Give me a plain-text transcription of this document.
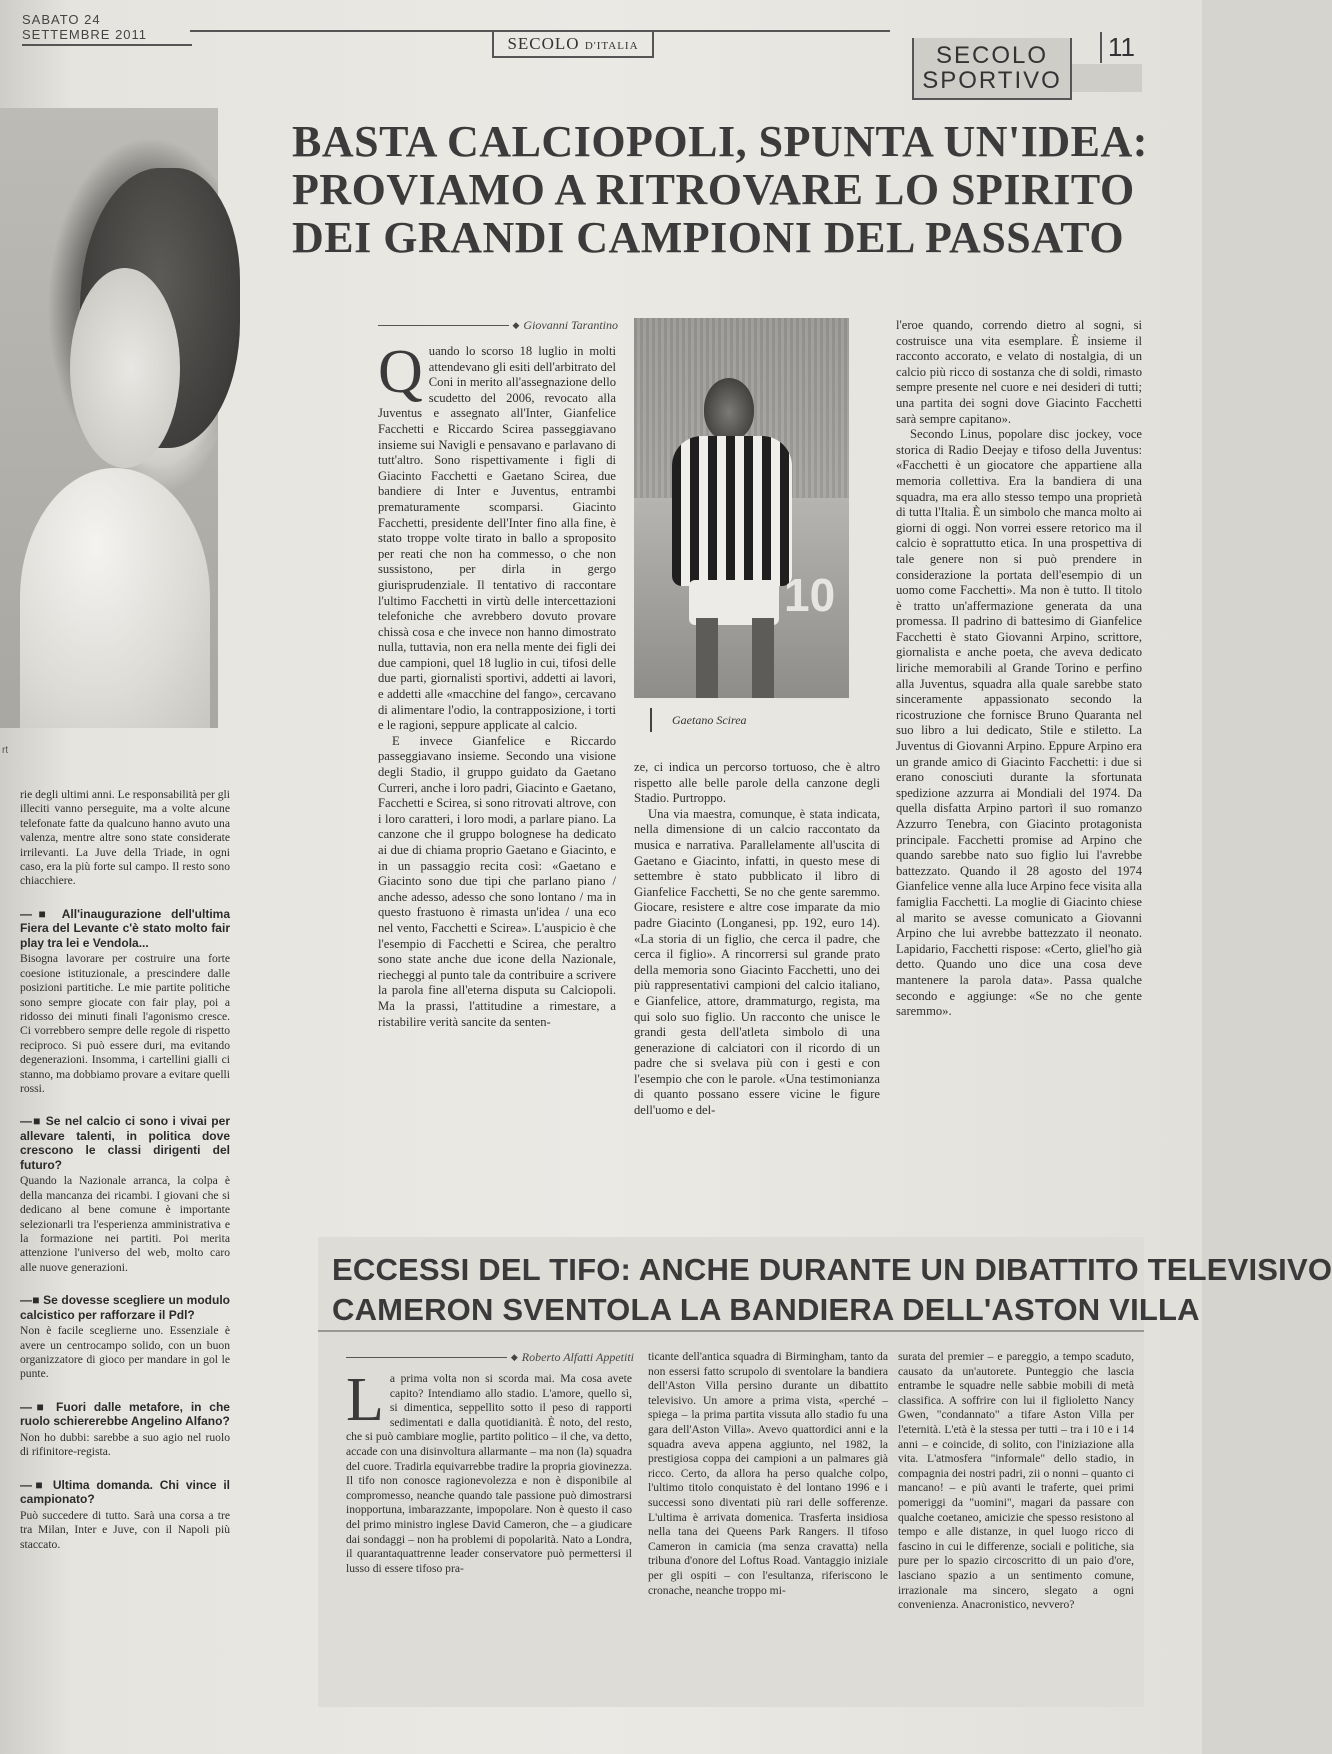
SABATO 24 SETTEMBRE 2011	SECOLO D'ITALIA	SECOLO
SPORTIVO
11
rt
BASTA CALCIOPOLI, SPUNTA UN'IDEA:
PROVIAMO A RITROVARE LO SPIRITO
DEI GRANDI CAMPIONI DEL PASSATO
◆ Giovanni Tarantino

Quando lo scorso 18 luglio in molti attendevano gli esiti dell'arbitrato del Coni in merito all'assegnazione dello scudetto del 2006, revocato alla Juventus e assegnato all'Inter, Gianfelice Facchetti e Riccardo Scirea passeggiavano insieme sui Navigli e pensavano e parlavano di tutt'altro. Sono rispettivamente i figli di Giacinto Facchetti e Gaetano Scirea, due bandiere di Inter e Juventus, entrambi prematuramente scomparsi. Giacinto Facchetti, presidente dell'Inter fino alla fine, è stato troppe volte tirato in ballo a sproposito per reati che non ha commesso, o che non sussistono, per dirla in gergo giurisprudenziale. Il tentativo di raccontare l'ultimo Facchetti in virtù delle intercettazioni telefoniche che avrebbero dovuto provare chissà cosa e che invece non hanno dimostrato nulla, tuttavia, non era nella mente dei figli dei due campioni, quel 18 luglio in cui, tifosi delle due parti, giornalisti sportivi, addetti ai lavori, e addetti alle «macchine del fango», cercavano di alimentare l'odio, la contrapposizione, i torti e le ragioni, seppure applicate al calcio.

E invece Gianfelice e Riccardo passeggiavano insieme. Secondo una visione degli Stadio, il gruppo guidato da Gaetano Curreri, anche i loro padri, Giacinto e Gaetano, Facchetti e Scirea, si sono ritrovati altrove, con i loro caratteri, i loro modi, a parlare piano. La canzone che il gruppo bolognese ha dedicato ai due di chiama proprio Gaetano e Giacinto, e in un passaggio recita così: «Gaetano e Giacinto sono due tipi che parlano piano / anche adesso, adesso che sono lontano / ma in questo frastuono è rimasta un'idea / una eco nel vento, Facchetti e Scirea». L'auspicio è che l'esempio di Facchetti e Scirea, che peraltro sono state anche due icone della Nazionale, riecheggi al punto tale da contribuire a scrivere la parola fine all'eterna disputa su Calciopoli. Ma la prassi, l'attitudine a rimestare, a ristabilire verità sancite da senten-

10
Gaetano Scirea

ze, ci indica un percorso tortuoso, che è altro rispetto alle belle parole della canzone degli Stadio. Purtroppo.

Una via maestra, comunque, è stata indicata, nella dimensione di un calcio raccontato da musica e narrativa. Parallelamente all'uscita di Gaetano e Giacinto, infatti, in questo mese di settembre è stato pubblicato il libro di Gianfelice Facchetti, Se no che gente saremmo. Giocare, resistere e altre cose imparate da mio padre Giacinto (Longanesi, pp. 192, euro 14). «La storia di un figlio, che cerca il padre, che cerca il figlio». A rincorrersi sul grande prato della memoria sono Giacinto Facchetti, uno dei più rappresentativi campioni del calcio italiano, e Gianfelice, attore, drammaturgo, regista, ma qui solo suo figlio. Un racconto che unisce le grandi gesta dell'atleta simbolo di una generazione di calciatori con il ricordo di un padre che si svelava più con i gesti e con l'esempio che con le parole. «Una testimonianza di quanto possano essere vicine le figure dell'uomo e del-

l'eroe quando, correndo dietro al sogni, si costruisce una vita esemplare. È insieme il racconto accorato, e velato di nostalgia, di un calcio più ricco di sostanza che di soldi, rimasto sempre presente nel cuore e nei desideri di tutti; una partita dei sogni dove Giacinto Facchetti sarà sempre capitano».

Secondo Linus, popolare disc jockey, voce storica di Radio Deejay e tifoso della Juventus: «Facchetti è un giocatore che appartiene alla memoria collettiva. Era la bandiera di una squadra, ma era allo stesso tempo una proprietà di tutta l'Italia. È un simbolo che manca molto ai giorni di oggi. Non vorrei essere retorico ma il calcio è soprattutto etica. In una prospettiva di tale genere non si può prendere in considerazione la portata dell'esempio di un uomo come Facchetti». Ma non è tutto. Il titolo è tratto un'affermazione generata da una promessa. Il padrino di battesimo di Gianfelice Facchetti è stato Giovanni Arpino, scrittore, giornalista e anche poeta, che aveva dedicato liriche memorabili al Grande Torino e perfino alla Juventus, squadra alla quale sarebbe stato sinceramente appassionato secondo la ricostruzione che fornisce Bruno Quaranta nel suo libro a lui dedicato, Stile e stiletto. La Juventus di Giovanni Arpino. Eppure Arpino era un grande amico di Giacinto Facchetti: i due si erano conosciuti durante la sfortunata spedizione azzurra ai Mondiali del 1974. Da quella disfatta Arpino partorì il suo romanzo Azzurro Tenebra, con Giacinto protagonista principale. Facchetti promise ad Arpino che quando sarebbe nato suo figlio lui l'avrebbe battezzato. Quando il 28 agosto del 1974 Gianfelice venne alla luce Arpino fece visita alla famiglia Facchetti. La moglie di Giacinto chiese al marito se avesse comunicato a Giovanni Arpino che lui avrebbe battezzato il neonato. Lapidario, Facchetti rispose: «Certo, gliel'ho già detto. Quando uno dice una cosa deve mantenere la parola data». Passa qualche secondo e aggiunge: «Se no che gente saremmo».

rie degli ultimi anni. Le responsabilità per gli illeciti vanno perseguite, ma a volte alcune telefonate fatte da qualcuno hanno avuto una valenza, mentre altre sono state considerate irrilevanti. La Juve della Triade, in ogni caso, era la più forte sul campo. Il resto sono chiacchiere.
—■ All'inaugurazione dell'ultima Fiera del Levante c'è stato molto fair play tra lei e Vendola...
Bisogna lavorare per costruire una forte coesione istituzionale, a prescindere dalle posizioni partitiche. Le mie partite politiche sono sempre giocate con fair play, poi a ridosso dei minuti finali l'agonismo cresce. Ci vorrebbero sempre delle regole di rispetto reciproco. Si può essere duri, ma evitando degenerazioni. Insomma, i cartellini gialli ci stanno, ma dobbiamo provare a evitare quelli rossi.
—■ Se nel calcio ci sono i vivai per allevare talenti, in politica dove crescono le classi dirigenti del futuro?
Quando la Nazionale arranca, la colpa è della mancanza dei ricambi. I giovani che si dedicano al bene comune è importante selezionarli tra l'esperienza amministrativa e la formazione nei partiti. Poi merita attenzione l'universo del web, molto caro alle nuove generazioni.
—■ Se dovesse scegliere un modulo calcistico per rafforzare il Pdl?
Non è facile sceglierne uno. Essenziale è avere un centrocampo solido, con un buon organizzatore di gioco per mandare in gol le punte.
—■ Fuori dalle metafore, in che ruolo schiererebbe Angelino Alfano?
Non ho dubbi: sarebbe a suo agio nel ruolo di rifinitore-regista.
—■ Ultima domanda. Chi vince il campionato?
Può succedere di tutto. Sarà una corsa a tre tra Milan, Inter e Juve, con il Napoli più staccato.
ECCESSI DEL TIFO: ANCHE DURANTE UN DIBATTITO TELEVISIVO
CAMERON SVENTOLA LA BANDIERA DELL'ASTON VILLA
◆ Roberto Alfatti Appetiti

La prima volta non si scorda mai. Ma cosa avete capito? Intendiamo allo stadio. L'amore, quello sì, si dimentica, seppellito sotto il peso di rapporti sedimentati e dalla quotidianità. È noto, del resto, che si può cambiare moglie, partito politico – il che, va detto, accade con una disinvoltura allarmante – ma non (la) squadra del cuore. Tradirla equivarrebbe tradire la propria giovinezza. Il tifo non conosce ragionevolezza e non è disponibile al compromesso, neanche quando tale passione può dimostrarsi inopportuna, imbarazzante, impopolare. Non è questo il caso del primo ministro inglese David Cameron, che – a giudicare dai sondaggi – non ha problemi di popolarità. Nato a Londra, il quarantaquattrenne leader conservatore può permettersi il lusso di essere tifoso pra-

ticante dell'antica squadra di Birmingham, tanto da non essersi fatto scrupolo di sventolare la bandiera dell'Aston Villa persino durante un dibattito televisivo. Un amore a prima vista, «perché – spiega – la prima partita vissuta allo stadio fu una gara dell'Aston Villa». Avevo quattordici anni e la squadra aveva appena aggiunto, nel 1982, la prestigiosa coppa dei campioni a un palmares già ricco. Certo, da allora ha perso qualche colpo, l'ultimo titolo conquistato è del lontano 1996 e i successi sono diventati più rari delle sofferenze. L'ultima è arrivata domenica. Trasferta insidiosa nella tana dei Queens Park Rangers. Il tifoso Cameron in camicia (ma senza cravatta) nella tribuna d'onore del Loftus Road. Vantaggio iniziale per gli ospiti – con l'esultanza, riferiscono le cronache, neanche troppo mi-

surata del premier – e pareggio, a tempo scaduto, causato da un'autorete. Punteggio che lascia entrambe le squadre nelle sabbie mobili di metà classifica. A soffrire con lui il figlioletto Nancy Gwen, "condannato" a tifare Aston Villa per l'eternità. L'età è la stessa per tutti – tra i 10 e i 14 anni – e coincide, di solito, con l'iniziazione alla vita. L'atmosfera "informale" dello stadio, in compagnia dei nostri padri, zii o nonni – quanto ci mancano! – e più avanti le traferte, quei primi pomeriggi da "uomini", magari da passare con qualche coetaneo, amicizie che spesso resistono al tempo e alle distanze, in quel luogo ricco di fascino in cui le differenze, sociali e politiche, sia pure per lo spazio circoscritto di un paio d'ore, lasciano spazio a un sentimento comune, irrazionale ma sincero, slegato a ogni convenienza. Anacronistico, nevvero?
